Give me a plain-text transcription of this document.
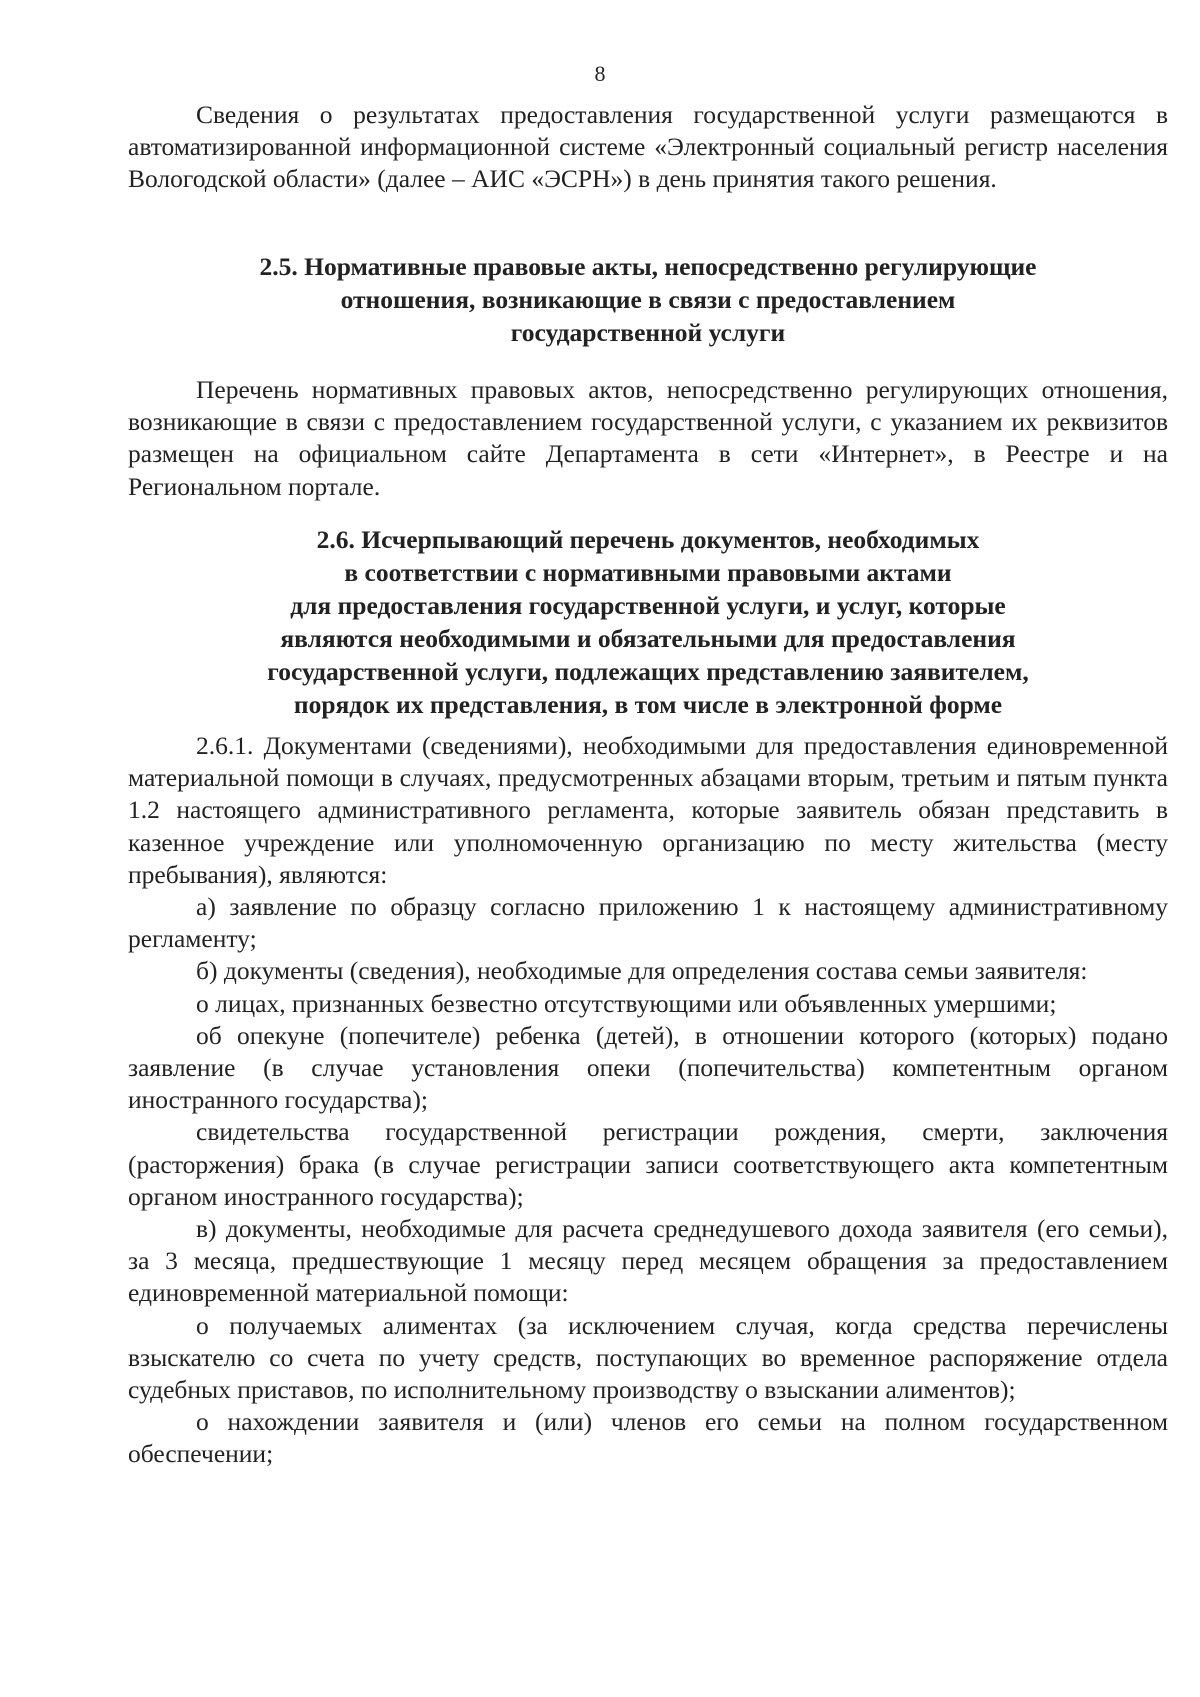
8

Сведения о результатах предоставления государственной услуги размещаются в автоматизированной информационной системе «Электронный социальный регистр населения Вологодской области» (далее – АИС «ЭСРН») в день принятия такого решения.

2.5. Нормативные правовые акты, непосредственно регулирующие
отношения, возникающие в связи с предоставлением
государственной услуги

Перечень нормативных правовых актов, непосредственно регулирующих отношения, возникающие в связи с предоставлением государственной услуги, с указанием их реквизитов размещен на официальном сайте Департамента в сети «Интернет», в Реестре и на Региональном портале.

2.6. Исчерпывающий перечень документов, необходимых
в соответствии с нормативными правовыми актами
для предоставления государственной услуги, и услуг, которые
являются необходимыми и обязательными для предоставления
государственной услуги, подлежащих представлению заявителем,
порядок их представления, в том числе в электронной форме

2.6.1. Документами (сведениями), необходимыми для предоставления единовременной материальной помощи в случаях, предусмотренных абзацами вторым, третьим и пятым пункта 1.2 настоящего административного регламента, которые заявитель обязан представить в казенное учреждение или уполномоченную организацию по месту жительства (месту пребывания), являются:

а) заявление по образцу согласно приложению 1 к настоящему административному регламенту;

б) документы (сведения), необходимые для определения состава семьи заявителя:

о лицах, признанных безвестно отсутствующими или объявленных умершими;

об опекуне (попечителе) ребенка (детей), в отношении которого (которых) подано заявление (в случае установления опеки (попечительства) компетентным органом иностранного государства);

свидетельства государственной регистрации рождения, смерти, заключения (расторжения) брака (в случае регистрации записи соответствующего акта компетентным органом иностранного государства);

в) документы, необходимые для расчета среднедушевого дохода заявителя (его семьи), за 3 месяца, предшествующие 1 месяцу перед месяцем обращения за предоставлением единовременной материальной помощи:

о получаемых алиментах (за исключением случая, когда средства перечислены взыскателю со счета по учету средств, поступающих во временное распоряжение отдела судебных приставов, по исполнительному производству о взыскании алиментов);

о нахождении заявителя и (или) членов его семьи на полном государственном обеспечении;
